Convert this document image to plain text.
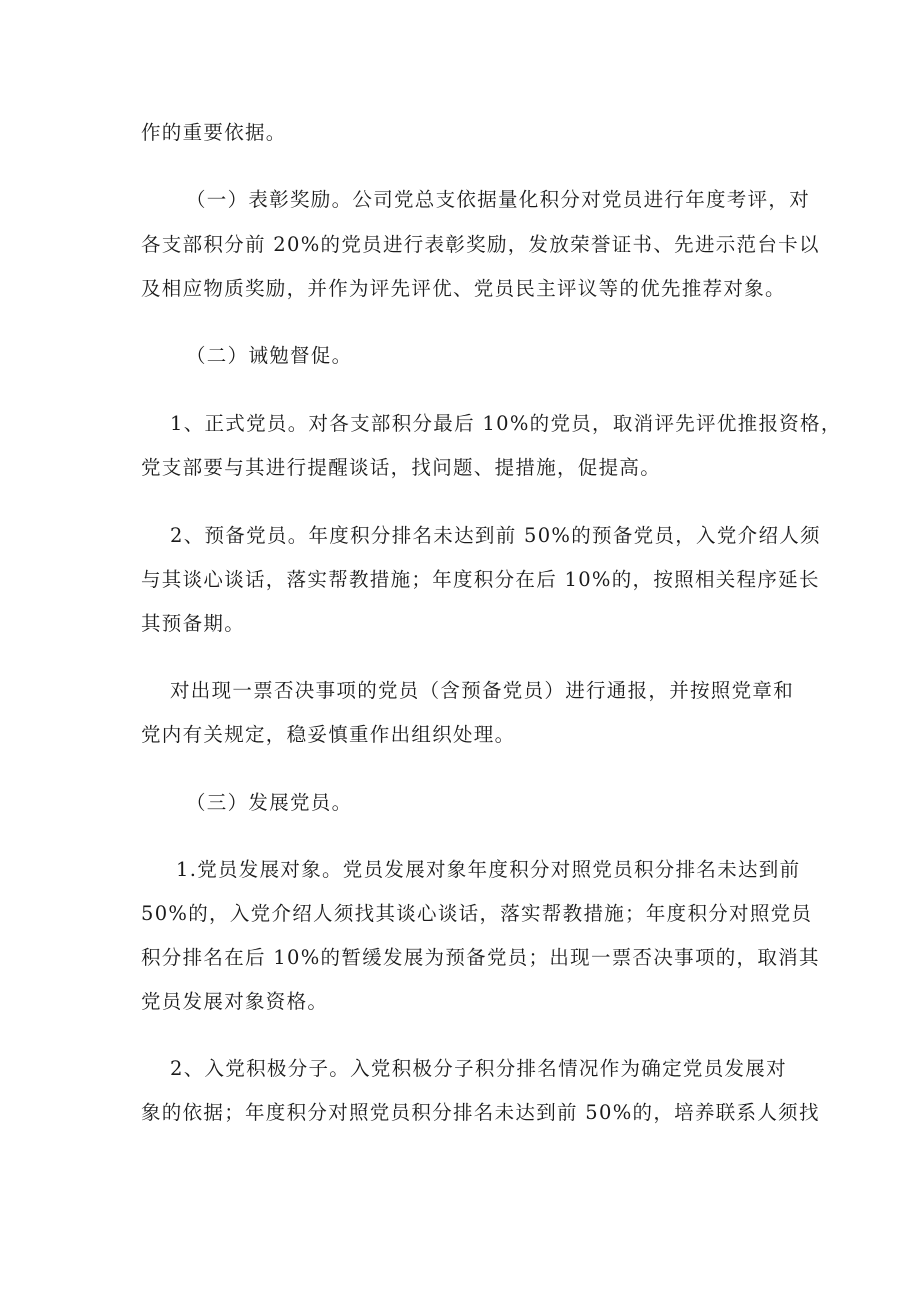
作的重要依据。
（一）表彰奖励。公司党总支依据量化积分对党员进行年度考评，对
各支部积分前 20%的党员进行表彰奖励，发放荣誉证书、先进示范台卡以
及相应物质奖励，并作为评先评优、党员民主评议等的优先推荐对象。
（二）诫勉督促。
1、正式党员。对各支部积分最后 10%的党员，取消评先评优推报资格，
党支部要与其进行提醒谈话，找问题、提措施，促提高。
2、预备党员。年度积分排名未达到前 50%的预备党员，入党介绍人须
与其谈心谈话，落实帮教措施；年度积分在后 10%的，按照相关程序延长
其预备期。
对出现一票否决事项的党员（含预备党员）进行通报，并按照党章和
党内有关规定，稳妥慎重作出组织处理。
（三）发展党员。
1.党员发展对象。党员发展对象年度积分对照党员积分排名未达到前
50%的，入党介绍人须找其谈心谈话，落实帮教措施；年度积分对照党员
积分排名在后 10%的暂缓发展为预备党员；出现一票否决事项的，取消其
党员发展对象资格。
2、入党积极分子。入党积极分子积分排名情况作为确定党员发展对
象的依据；年度积分对照党员积分排名未达到前 50%的，培养联系人须找
